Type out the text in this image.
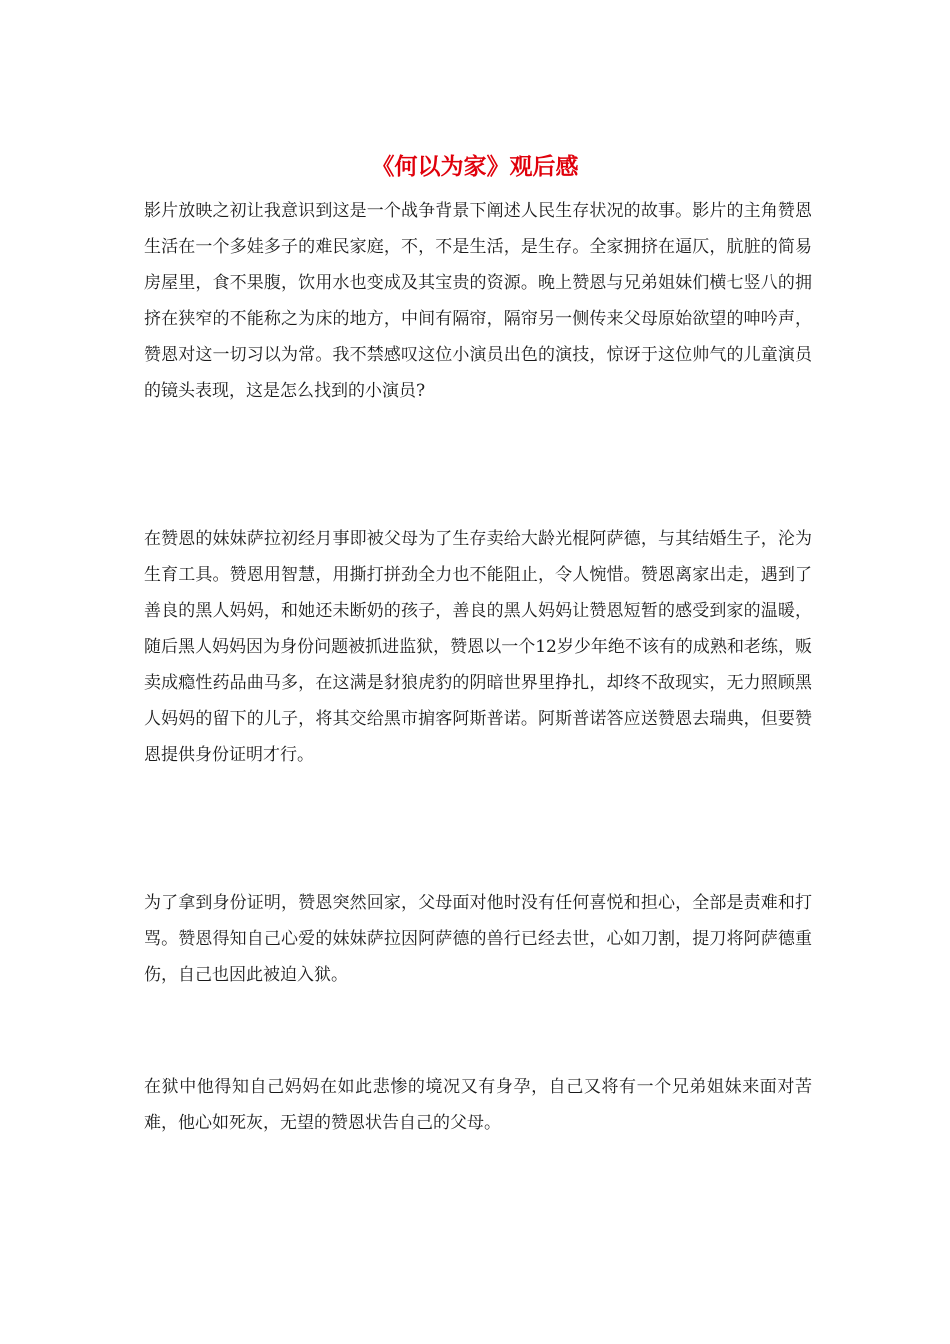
《何以为家》观后感

影片放映之初让我意识到这是一个战争背景下阐述人民生存状况的故事。影片的主角赞恩生活在一个多娃多子的难民家庭，不，不是生活，是生存。全家拥挤在逼仄，肮脏的简易房屋里，食不果腹，饮用水也变成及其宝贵的资源。晚上赞恩与兄弟姐妹们横七竖八的拥挤在狭窄的不能称之为床的地方，中间有隔帘，隔帘另一侧传来父母原始欲望的呻吟声，赞恩对这一切习以为常。我不禁感叹这位小演员出色的演技，惊讶于这位帅气的儿童演员的镜头表现，这是怎么找到的小演员?

在赞恩的妹妹萨拉初经月事即被父母为了生存卖给大龄光棍阿萨德，与其结婚生子，沦为生育工具。赞恩用智慧，用撕打拼劲全力也不能阻止，令人惋惜。赞恩离家出走，遇到了善良的黑人妈妈，和她还未断奶的孩子，善良的黑人妈妈让赞恩短暂的感受到家的温暖，随后黑人妈妈因为身份问题被抓进监狱，赞恩以一个12岁少年绝不该有的成熟和老练，贩卖成瘾性药品曲马多，在这满是豺狼虎豹的阴暗世界里挣扎，却终不敌现实，无力照顾黑人妈妈的留下的儿子，将其交给黑市掮客阿斯普诺。阿斯普诺答应送赞恩去瑞典，但要赞恩提供身份证明才行。

为了拿到身份证明，赞恩突然回家，父母面对他时没有任何喜悦和担心，全部是责难和打骂。赞恩得知自己心爱的妹妹萨拉因阿萨德的兽行已经去世，心如刀割，提刀将阿萨德重伤，自己也因此被迫入狱。

在狱中他得知自己妈妈在如此悲惨的境况又有身孕，自己又将有一个兄弟姐妹来面对苦难，他心如死灰，无望的赞恩状告自己的父母。
